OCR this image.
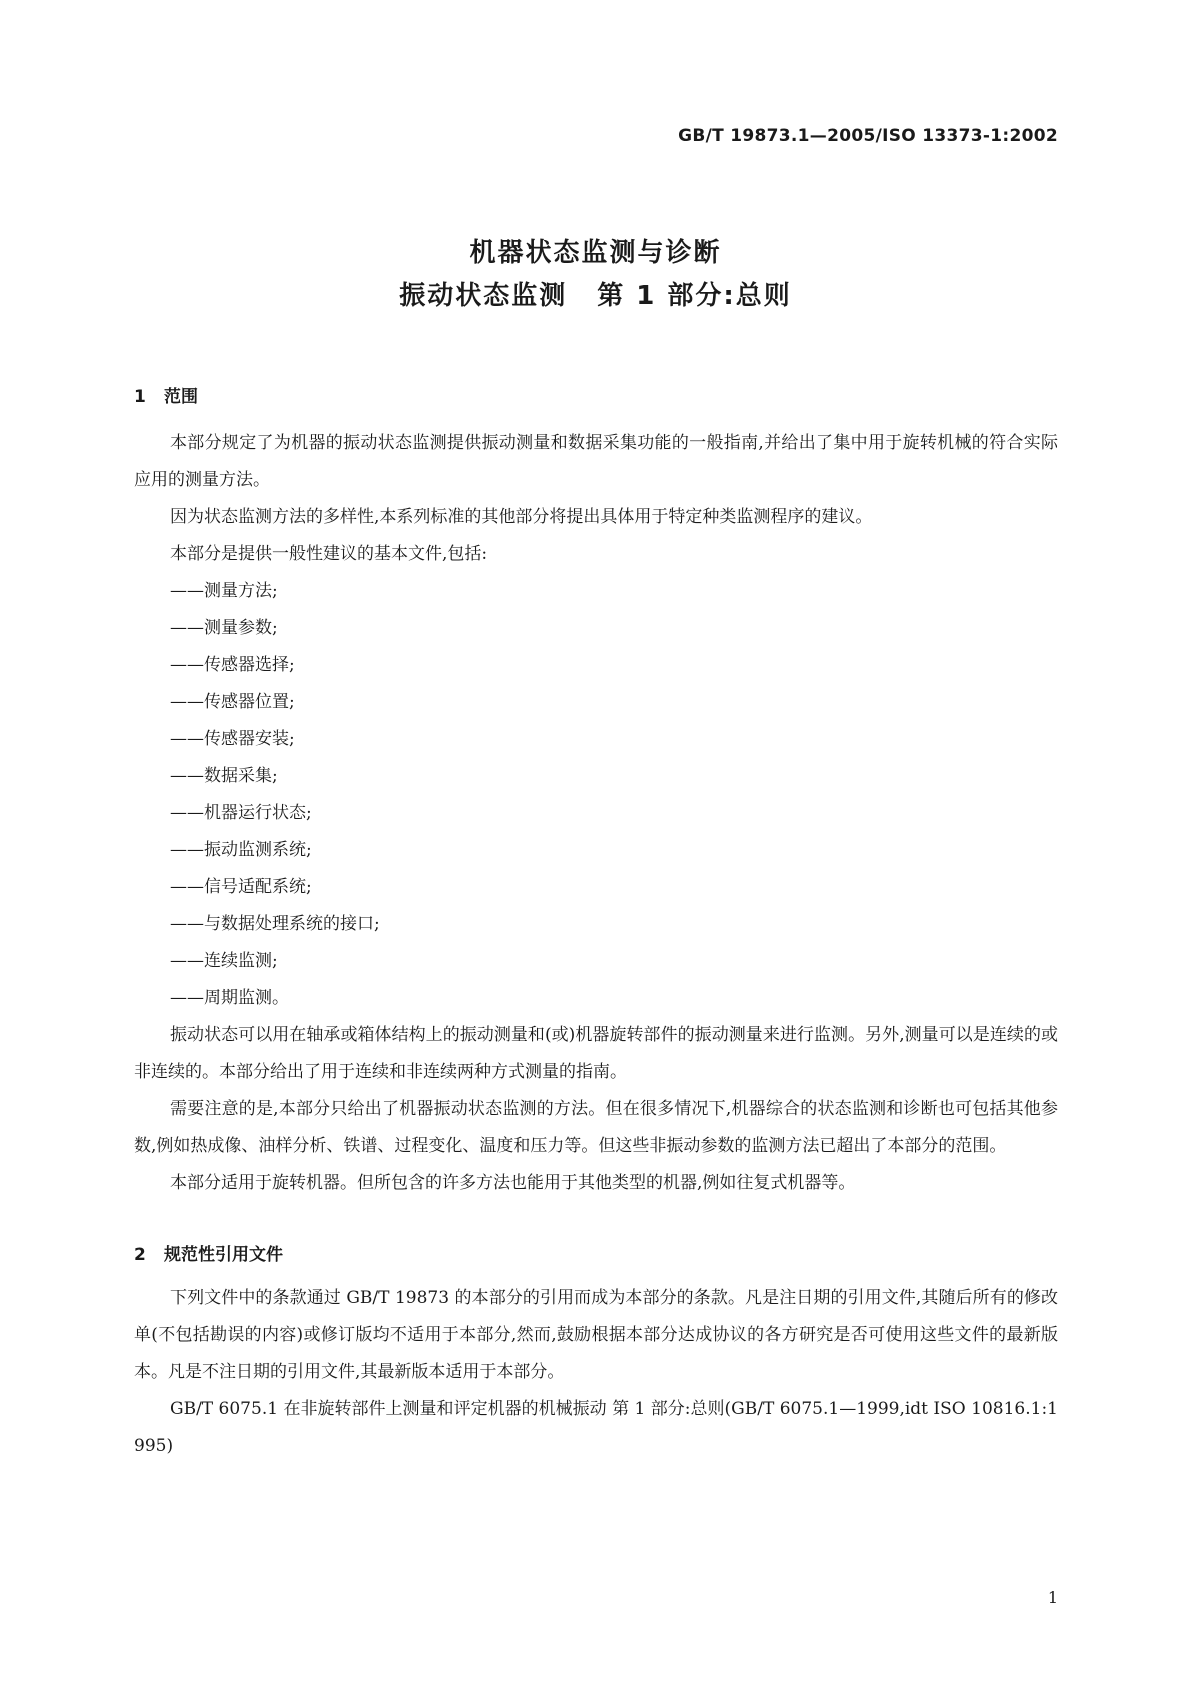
GB/T 19873.1—2005/ISO 13373-1:2002
机器状态监测与诊断
振动状态监测 第 1 部分:总则
1 范围

本部分规定了为机器的振动状态监测提供振动测量和数据采集功能的一般指南,并给出了集中用于旋转机械的符合实际应用的测量方法。

因为状态监测方法的多样性,本系列标准的其他部分将提出具体用于特定种类监测程序的建议。

本部分是提供一般性建议的基本文件,包括:

——测量方法;

——测量参数;

——传感器选择;

——传感器位置;

——传感器安装;

——数据采集;

——机器运行状态;

——振动监测系统;

——信号适配系统;

——与数据处理系统的接口;

——连续监测;

——周期监测。

振动状态可以用在轴承或箱体结构上的振动测量和(或)机器旋转部件的振动测量来进行监测。另外,测量可以是连续的或非连续的。本部分给出了用于连续和非连续两种方式测量的指南。

需要注意的是,本部分只给出了机器振动状态监测的方法。但在很多情况下,机器综合的状态监测和诊断也可包括其他参数,例如热成像、油样分析、铁谱、过程变化、温度和压力等。但这些非振动参数的监测方法已超出了本部分的范围。

本部分适用于旋转机器。但所包含的许多方法也能用于其他类型的机器,例如往复式机器等。

2 规范性引用文件

下列文件中的条款通过 GB/T 19873 的本部分的引用而成为本部分的条款。凡是注日期的引用文件,其随后所有的修改单(不包括勘误的内容)或修订版均不适用于本部分,然而,鼓励根据本部分达成协议的各方研究是否可使用这些文件的最新版本。凡是不注日期的引用文件,其最新版本适用于本部分。

GB/T 6075.1 在非旋转部件上测量和评定机器的机械振动 第 1 部分:总则(GB/T 6075.1—1999,idt ISO 10816.1:1995)

1
